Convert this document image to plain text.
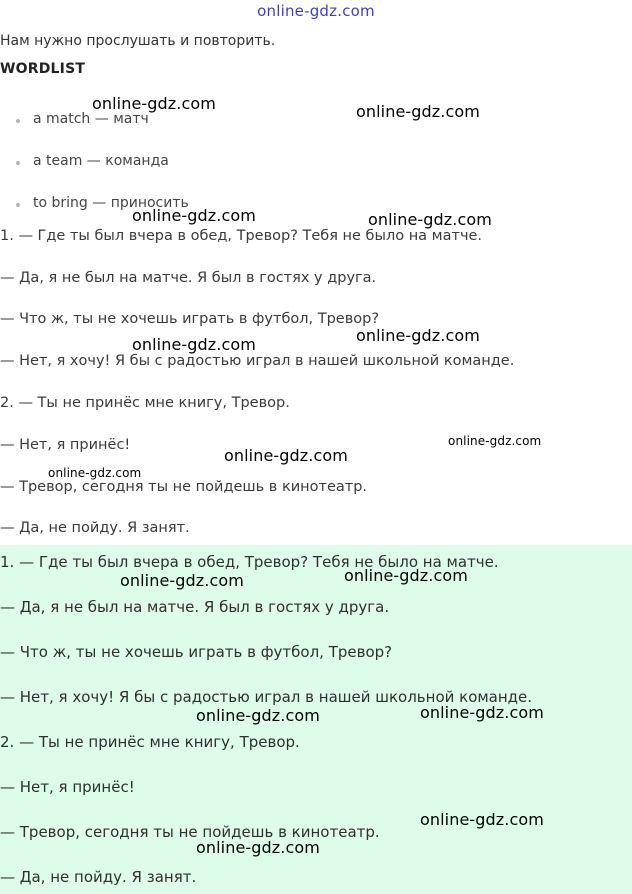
online-gdz.com
Нам нужно прослушать и повторить.
WORDLIST
a match — матч
a team — команда
to bring — приносить
1. — Где ты был вчера в обед, Тревор? Тебя не было на матче.
— Да, я не был на матче. Я был в гостях у друга.
— Что ж, ты не хочешь играть в футбол, Тревор?
— Нет, я хочу! Я бы с радостью играл в нашей школьной команде.
2. — Ты не принёс мне книгу, Тревор.
— Нет, я принёс!
— Тревор, сегодня ты не пойдешь в кинотеатр.
— Да, не пойду. Я занят.
1. — Где ты был вчера в обед, Тревор? Тебя не было на матче.
— Да, я не был на матче. Я был в гостях у друга.
— Что ж, ты не хочешь играть в футбол, Тревор?
— Нет, я хочу! Я бы с радостью играл в нашей школьной команде.
2. — Ты не принёс мне книгу, Тревор.
— Нет, я принёс!
— Тревор, сегодня ты не пойдешь в кинотеатр.
— Да, не пойду. Я занят.
online-gdz.com	online-gdz.com
online-gdz.com	online-gdz.com
online-gdz.com
online-gdz.com
online-gdz.com
online-gdz.com
online-gdz.com
online-gdz.com
online-gdz.com
online-gdz.com
online-gdz.com
online-gdz.com
online-gdz.com
